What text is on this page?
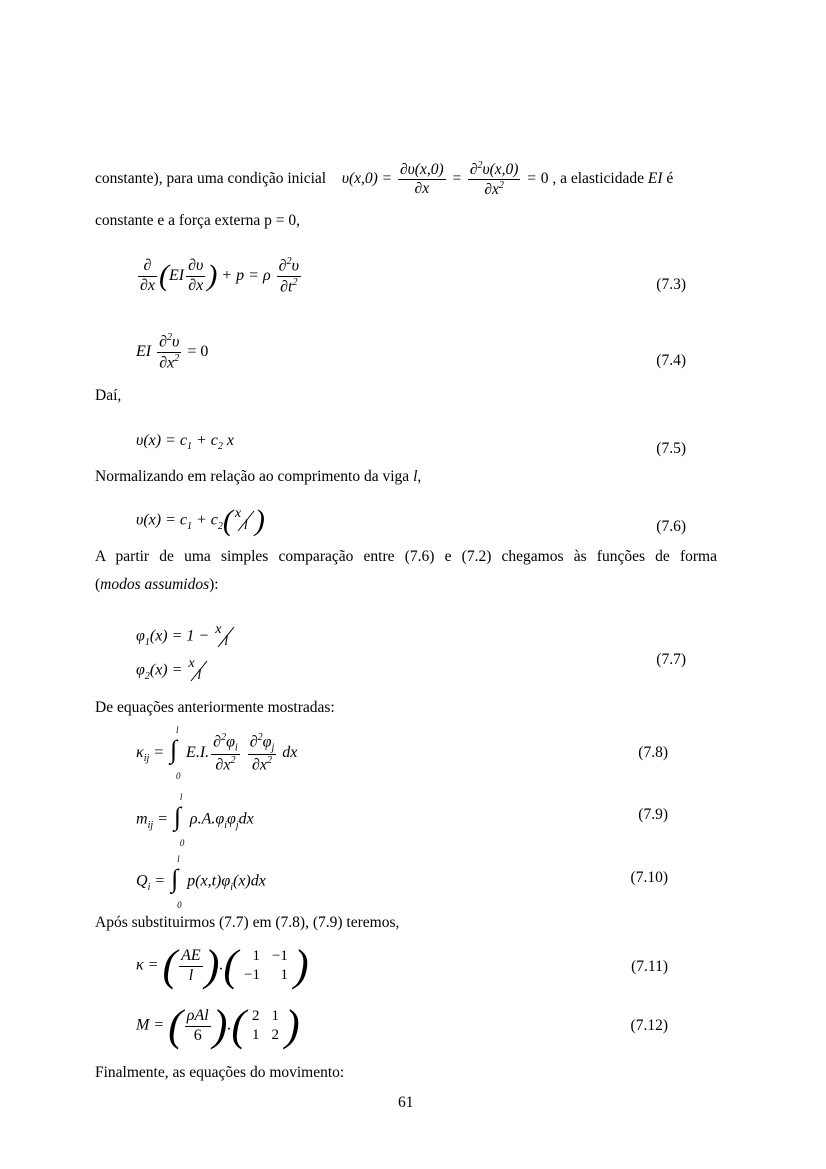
constante), para uma condição inicial $\upsilon(x,0) = \frac{\partial\upsilon(x,0)}{\partial x} = \frac{\partial^2\upsilon(x,0)}{\partial x^2} = 0$ , a elasticidade EI é
constante e a força externa p = 0,
$\frac{\partial}{\partial x} (EI \frac{\partial\upsilon}{\partial x}$ ) + p = ρ $\frac{\partial^2\upsilon}{\partial t^2}$	(7.3)
EI $\frac{\partial^2\upsilon}{\partial x^2} = 0$
(7.4)
Daí,
$\upsilon(x) = c_1 + c_2$ x	(7.5)
Normalizando em relação ao comprimento da viga l,
$\upsilon(x) = c_1 + c_2$( x
l )	(7.6)
A partir de uma simples comparação entre (7.6) e (7.2) chegamos às funções de forma
(modos assumidos):
$\varphi_1(x) = 1 - x$
l
$\varphi_2(x) = x$
l
(7.7)
De equações anteriormente mostradas:
$\kappa_{ij}$ =
l
∫
0
E.I. $\frac{\partial^2\varphi_i}{\partial x^2}$
$\frac{\partial^2\varphi_j}{\partial x^2}$ dx	(7.8)
$m_{ij}$ =
l
∫
0
$\rho.A.\varphi_i\varphi_jdx$	(7.9)
$Q_i$ =
l
∫
0
$p(x,t)\varphi_i(x)dx$	(7.10)
Após substituirmos (7.7) em (7.8), (7.9) teremos,
κ = ( $\frac{AE}{l}$ ).( 1	−1
−1	1 )	(7.11)
M = ( $\frac{\text{ρAl}}{6}$ ).( 2	1
1	2 )	(7.12)
Finalmente, as equações do movimento:
61
